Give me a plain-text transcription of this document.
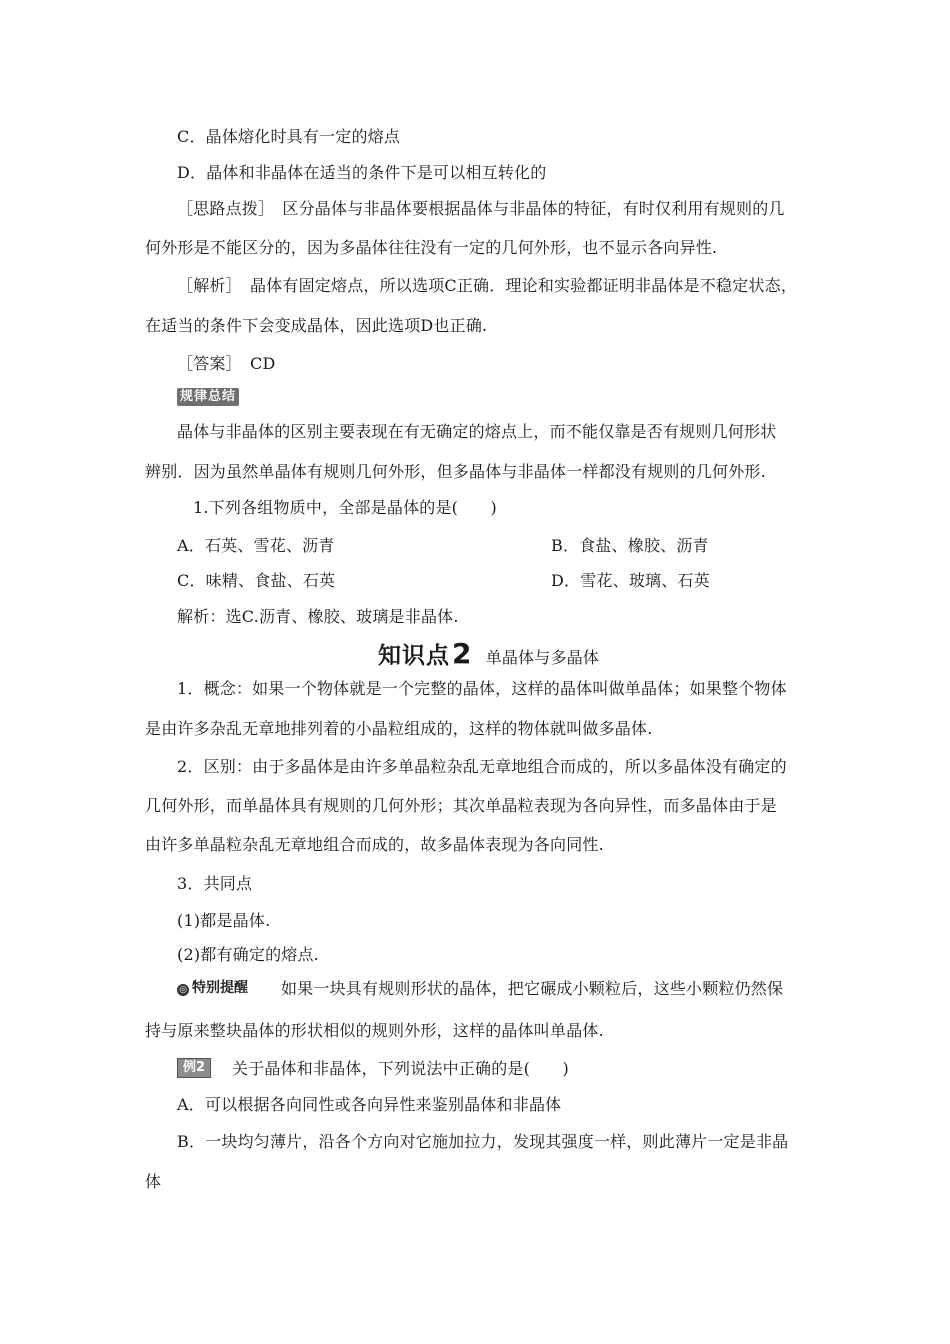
C．晶体熔化时具有一定的熔点
D．晶体和非晶体在适当的条件下是可以相互转化的
［思路点拨］　区分晶体与非晶体要根据晶体与非晶体的特征，有时仅利用有规则的几
何外形是不能区分的，因为多晶体往往没有一定的几何外形，也不显示各向异性.
［解析］　晶体有固定熔点，所以选项C正确．理论和实验都证明非晶体是不稳定状态，
在适当的条件下会变成晶体，因此选项D也正确.
［答案］　CD
规律总结
晶体与非晶体的区别主要表现在有无确定的熔点上，而不能仅靠是否有规则几何形状
辨别．因为虽然单晶体有规则几何外形，但多晶体与非晶体一样都没有规则的几何外形.
1.下列各组物质中，全部是晶体的是(　　)
A．石英、雪花、沥青	B．食盐、橡胶、沥青
C．味精、食盐、石英	D．雪花、玻璃、石英
解析：选C.沥青、橡胶、玻璃是非晶体.
知识点2 单晶体与多晶体
1．概念：如果一个物体就是一个完整的晶体，这样的晶体叫做单晶体；如果整个物体
是由许多杂乱无章地排列着的小晶粒组成的，这样的物体就叫做多晶体.
2．区别：由于多晶体是由许多单晶粒杂乱无章地组合而成的，所以多晶体没有确定的
几何外形，而单晶体具有规则的几何外形；其次单晶粒表现为各向异性，而多晶体由于是
由许多单晶粒杂乱无章地组合而成的，故多晶体表现为各向同性.
3．共同点
(1)都是晶体.
(2)都有确定的熔点.
◎ 特别提醒 如果一块具有规则形状的晶体，把它碾成小颗粒后，这些小颗粒仍然保
持与原来整块晶体的形状相似的规则外形，这样的晶体叫单晶体.
例2	关于晶体和非晶体，下列说法中正确的是(　　)
A．可以根据各向同性或各向异性来鉴别晶体和非晶体
B．一块均匀薄片，沿各个方向对它施加拉力，发现其强度一样，则此薄片一定是非晶
体
